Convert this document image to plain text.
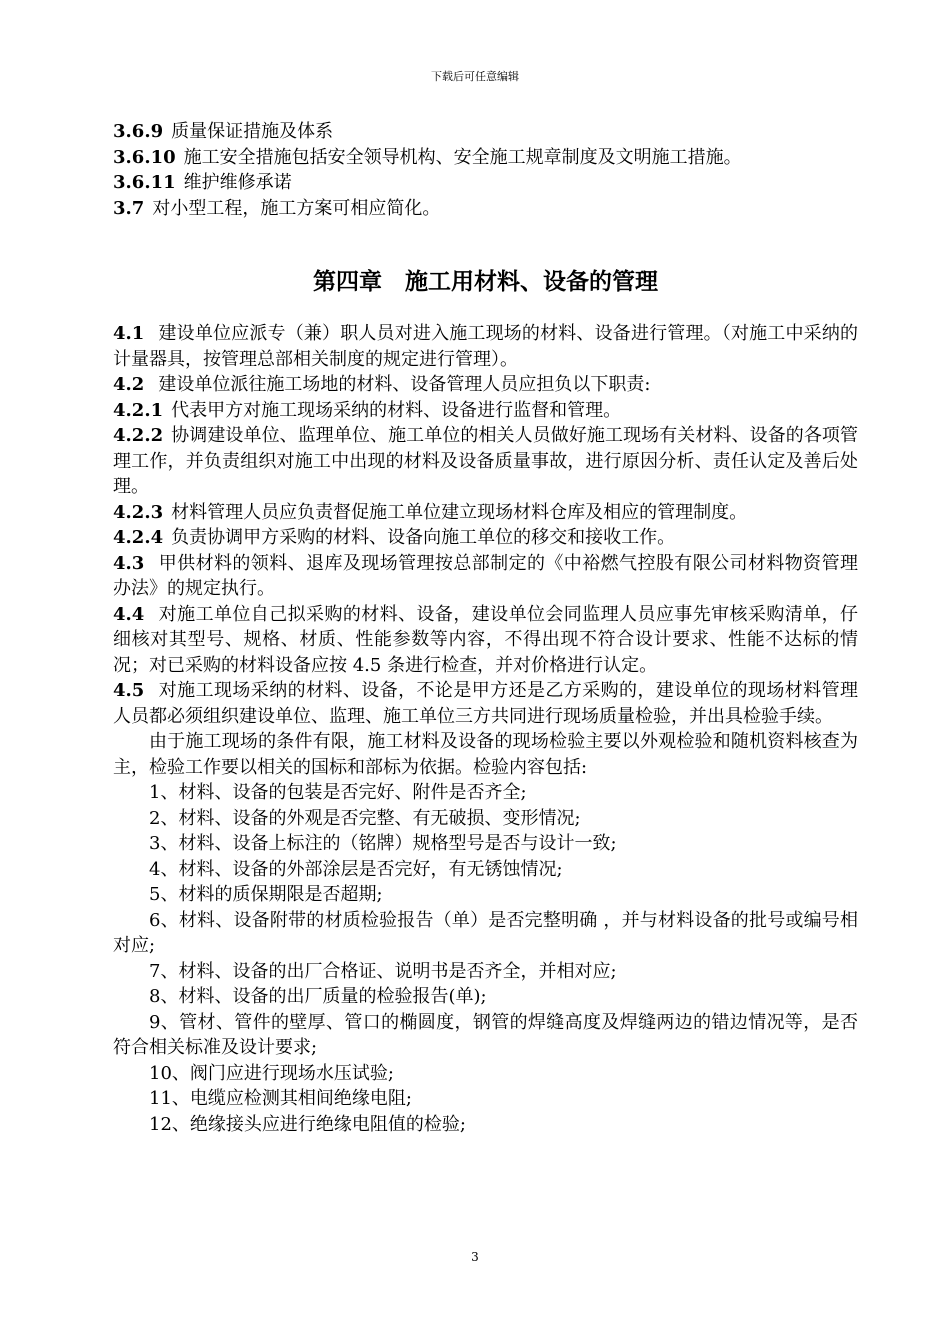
下载后可任意编辑

3.6.9 质量保证措施及体系

3.6.10 施工安全措施包括安全领导机构、安全施工规章制度及文明施工措施。

3.6.11 维护维修承诺

3.7 对小型工程，施工方案可相应简化。

第四章　施工用材料、设备的管理

4.1 建设单位应派专（兼）职人员对进入施工现场的材料、设备进行管理。（对施工中采纳的计量器具，按管理总部相关制度的规定进行管理）。

4.2 建设单位派往施工场地的材料、设备管理人员应担负以下职责:

4.2.1 代表甲方对施工现场采纳的材料、设备进行监督和管理。

4.2.2 协调建设单位、监理单位、施工单位的相关人员做好施工现场有关材料、设备的各项管理工作，并负责组织对施工中出现的材料及设备质量事故，进行原因分析、责任认定及善后处理。

4.2.3 材料管理人员应负责督促施工单位建立现场材料仓库及相应的管理制度。

4.2.4 负责协调甲方采购的材料、设备向施工单位的移交和接收工作。

4.3 甲供材料的领料、退库及现场管理按总部制定的《中裕燃气控股有限公司材料物资管理办法》的规定执行。

4.4 对施工单位自己拟采购的材料、设备，建设单位会同监理人员应事先审核采购清单，仔细核对其型号、规格、材质、性能参数等内容，不得出现不符合设计要求、性能不达标的情况；对已采购的材料设备应按 4.5 条进行检查，并对价格进行认定。

4.5 对施工现场采纳的材料、设备，不论是甲方还是乙方采购的，建设单位的现场材料管理人员都必须组织建设单位、监理、施工单位三方共同进行现场质量检验，并出具检验手续。

由于施工现场的条件有限，施工材料及设备的现场检验主要以外观检验和随机资料核查为主，检验工作要以相关的国标和部标为依据。检验内容包括:

1、材料、设备的包装是否完好、附件是否齐全;

2、材料、设备的外观是否完整、有无破损、变形情况;

3、材料、设备上标注的（铭牌）规格型号是否与设计一致;

4、材料、设备的外部涂层是否完好，有无锈蚀情况;

5、材料的质保期限是否超期;

6、材料、设备附带的材质检验报告（单）是否完整明确 ，并与材料设备的批号或编号相对应;

7、材料、设备的出厂合格证、说明书是否齐全，并相对应;

8、材料、设备的出厂质量的检验报告(单);

9、管材、管件的壁厚、管口的椭圆度，钢管的焊缝高度及焊缝两边的错边情况等，是否符合相关标准及设计要求;

10、阀门应进行现场水压试验;

11、电缆应检测其相间绝缘电阻;

12、绝缘接头应进行绝缘电阻值的检验;

3
